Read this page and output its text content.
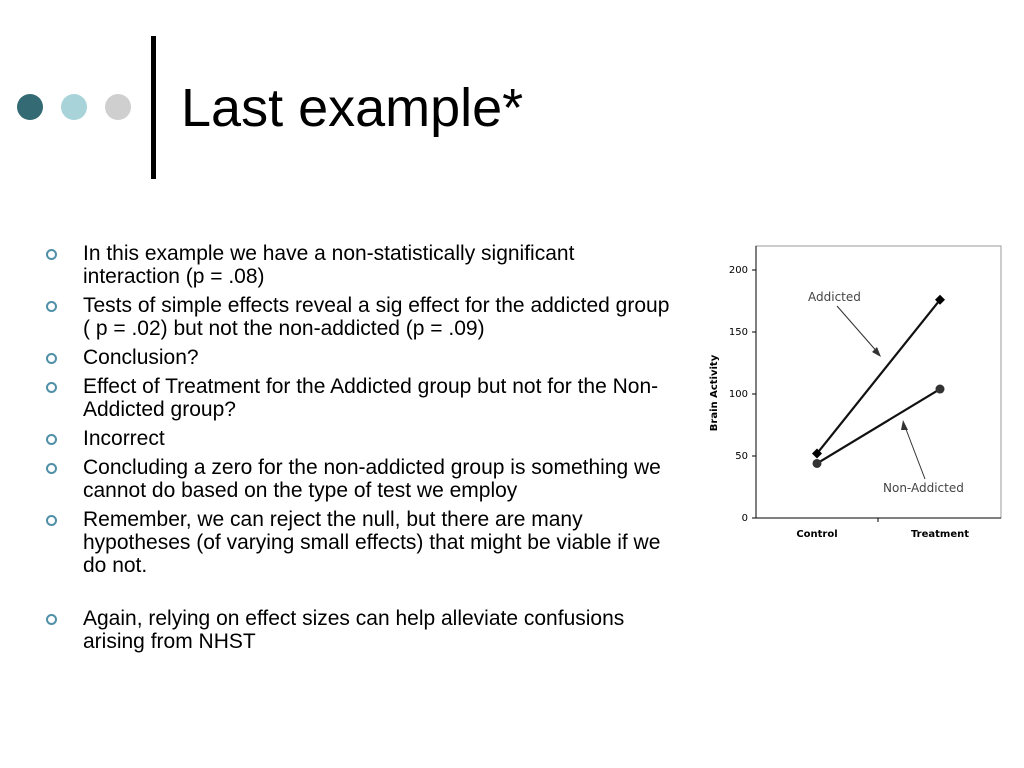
Last example*
In this example we have a non-statistically significant interaction (p = .08)
Tests of simple effects reveal a sig effect for the addicted group ( p = .02) but not the non-addicted (p = .09)
Conclusion?
Effect of Treatment for the Addicted group but not for the Non-Addicted group?
Incorrect
Concluding a zero for the non-addicted group is something we cannot do based on the type of test we employ
Remember, we can reject the null, but there are many hypotheses (of varying small effects) that might be viable if we do not.
Again, relying on effect sizes can help alleviate confusions arising from NHST
Brain Activity
0
50
100
150
200
Control	Treatment
Addicted
Non-Addicted
